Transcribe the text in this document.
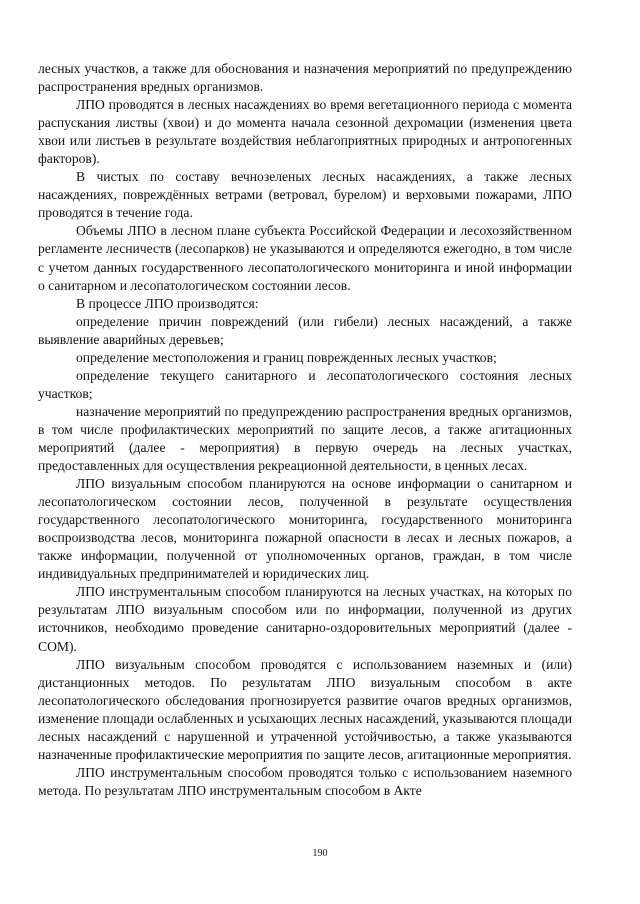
лесных участков, а также для обоснования и назначения мероприятий по предупреждению распространения вредных организмов.

ЛПО проводятся в лесных насаждениях во время вегетационного периода с момента распускания листвы (хвои) и до момента начала сезонной дехромации (изменения цвета хвои или листьев в результате воздействия неблагоприятных природных и антропогенных факторов).

В чистых по составу вечнозеленых лесных насаждениях, а также лесных насаждениях, повреждённых ветрами (ветровал, бурелом) и верховыми пожарами, ЛПО проводятся в течение года.

Объемы ЛПО в лесном плане субъекта Российской Федерации и лесохозяйственном регламенте лесничеств (лесопарков) не указываются и определяются ежегодно, в том числе с учетом данных государственного лесопатологического мониторинга и иной информации о санитарном и лесопатологическом состоянии лесов.

В процессе ЛПО производятся:

определение причин повреждений (или гибели) лесных насаждений, а также выявление аварийных деревьев;

определение местоположения и границ поврежденных лесных участков;

определение текущего санитарного и лесопатологического состояния лесных участков;

назначение мероприятий по предупреждению распространения вредных организмов, в том числе профилактических мероприятий по защите лесов, а также агитационных мероприятий (далее - мероприятия) в первую очередь на лесных участках, предоставленных для осуществления рекреационной деятельности, в ценных лесах.

ЛПО визуальным способом планируются на основе информации о санитарном и лесопатологическом состоянии лесов, полученной в результате осуществления государственного лесопатологического мониторинга, государственного мониторинга воспроизводства лесов, мониторинга пожарной опасности в лесах и лесных пожаров, а также информации, полученной от уполномоченных органов, граждан, в том числе индивидуальных предпринимателей и юридических лиц.

ЛПО инструментальным способом планируются на лесных участках, на которых по результатам ЛПО визуальным способом или по информации, полученной из других источников, необходимо проведение санитарно-оздоровительных мероприятий (далее - СОМ).

ЛПО визуальным способом проводятся с использованием наземных и (или) дистанционных методов. По результатам ЛПО визуальным способом в акте лесопатологического обследования прогнозируется развитие очагов вредных организмов, изменение площади ослабленных и усыхающих лесных насаждений, указываются площади лесных насаждений с нарушенной и утраченной устойчивостью, а также указываются назначенные профилактические мероприятия по защите лесов, агитационные мероприятия.

ЛПО инструментальным способом проводятся только с использованием наземного метода. По результатам ЛПО инструментальным способом в Акте

190
